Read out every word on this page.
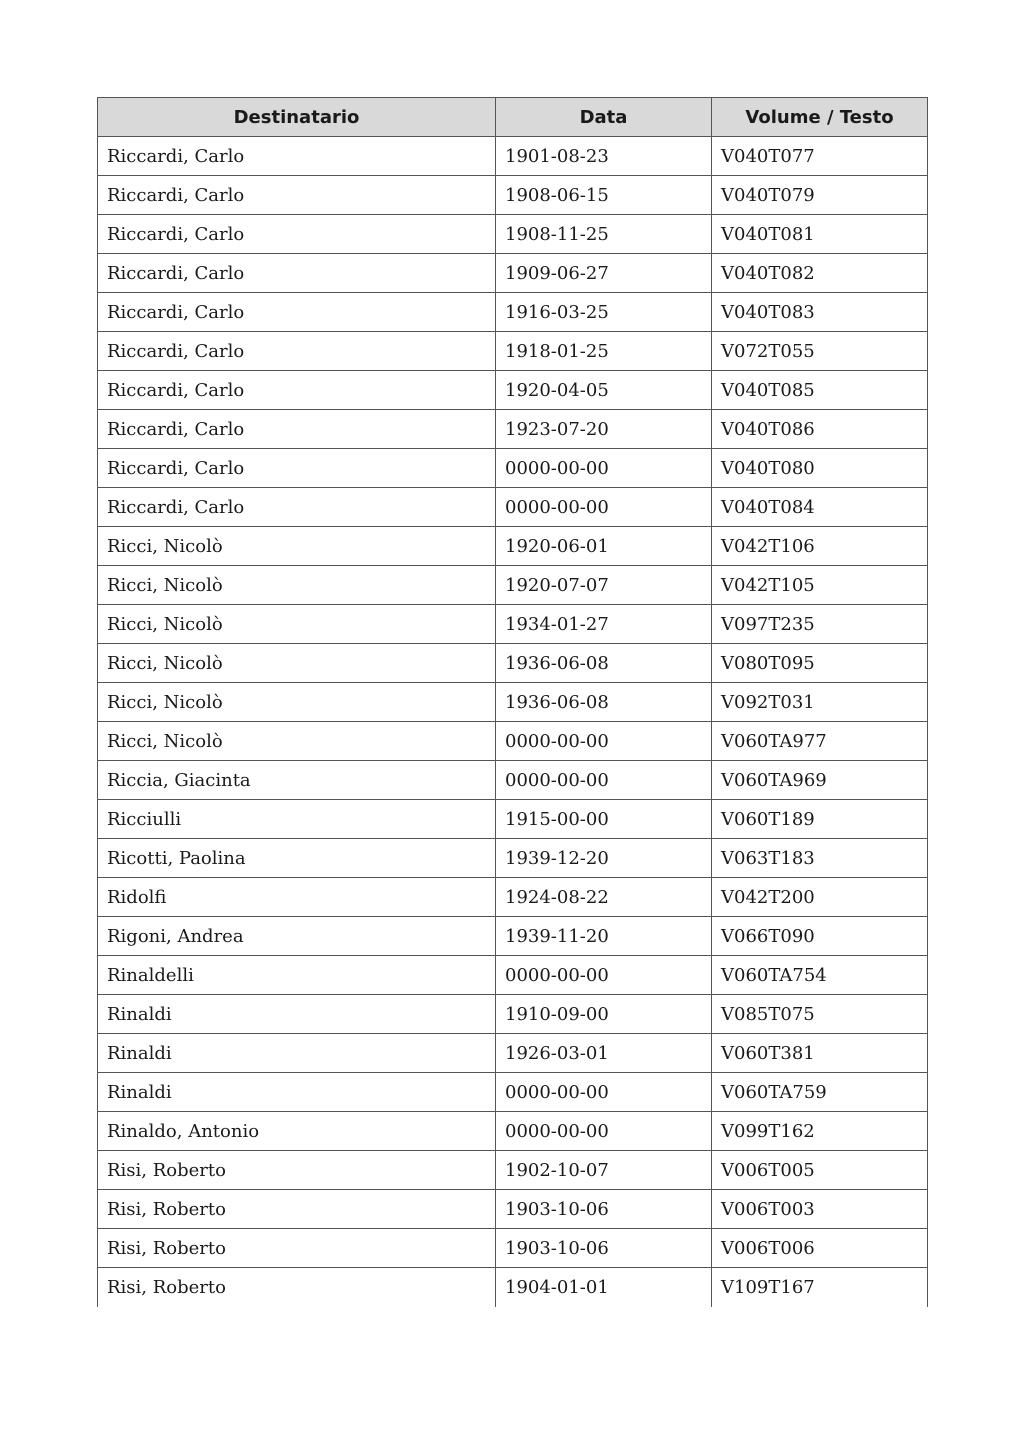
Destinatario	Data	Volume / Testo
Riccardi, Carlo	1901-08-23	V040T077
Riccardi, Carlo	1908-06-15	V040T079
Riccardi, Carlo	1908-11-25	V040T081
Riccardi, Carlo	1909-06-27	V040T082
Riccardi, Carlo	1916-03-25	V040T083
Riccardi, Carlo	1918-01-25	V072T055
Riccardi, Carlo	1920-04-05	V040T085
Riccardi, Carlo	1923-07-20	V040T086
Riccardi, Carlo	0000-00-00	V040T080
Riccardi, Carlo	0000-00-00	V040T084
Ricci, Nicolò	1920-06-01	V042T106
Ricci, Nicolò	1920-07-07	V042T105
Ricci, Nicolò	1934-01-27	V097T235
Ricci, Nicolò	1936-06-08	V080T095
Ricci, Nicolò	1936-06-08	V092T031
Ricci, Nicolò	0000-00-00	V060TA977
Riccia, Giacinta	0000-00-00	V060TA969
Ricciulli	1915-00-00	V060T189
Ricotti, Paolina	1939-12-20	V063T183
Ridolfi	1924-08-22	V042T200
Rigoni, Andrea	1939-11-20	V066T090
Rinaldelli	0000-00-00	V060TA754
Rinaldi	1910-09-00	V085T075
Rinaldi	1926-03-01	V060T381
Rinaldi	0000-00-00	V060TA759
Rinaldo, Antonio	0000-00-00	V099T162
Risi, Roberto	1902-10-07	V006T005
Risi, Roberto	1903-10-06	V006T003
Risi, Roberto	1903-10-06	V006T006
Risi, Roberto	1904-01-01	V109T167
